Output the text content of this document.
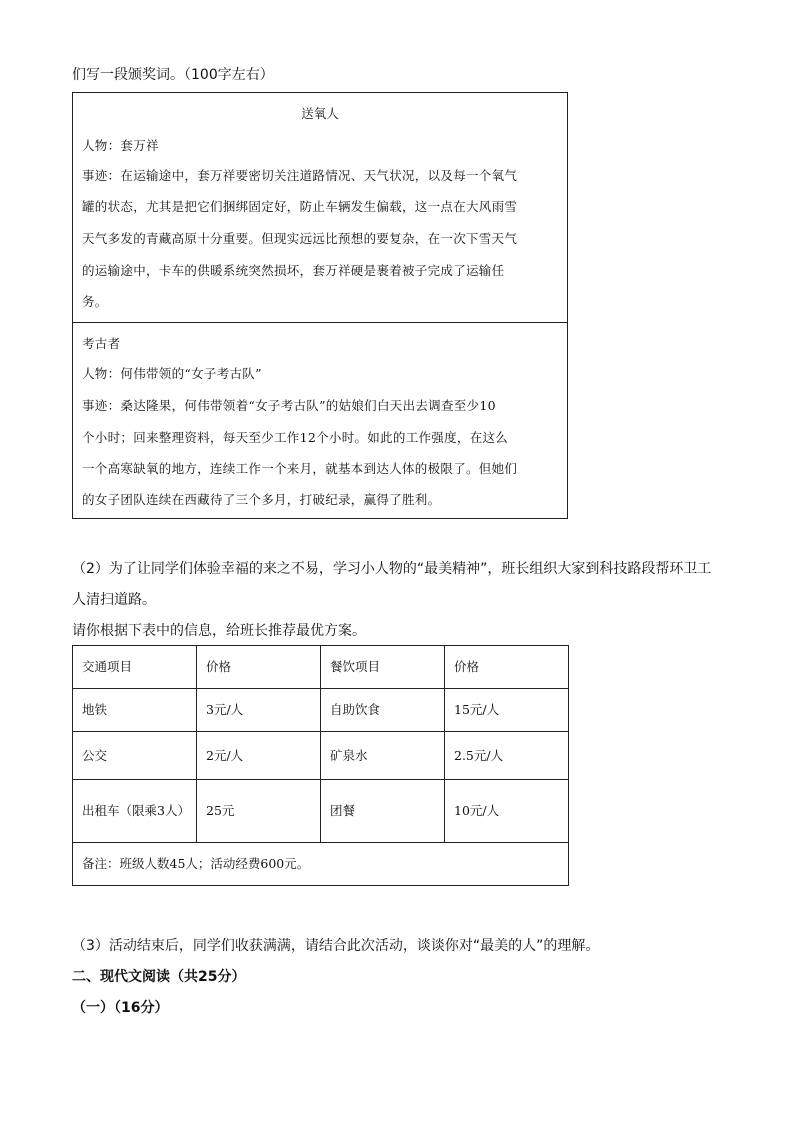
们写一段颁奖词。（100字左右）
送氧人
人物：套万祥
事迹：在运输途中，套万祥要密切关注道路情况、天气状况，以及每一个氧气
罐的状态，尤其是把它们捆绑固定好，防止车辆发生偏载，这一点在大风雨雪
天气多发的青藏高原十分重要。但现实远远比预想的要复杂，在一次下雪天气
的运输途中，卡车的供暖系统突然损坏，套万祥硬是裹着被子完成了运输任
务。
考古者
人物：何伟带领的“女子考古队”
事迹：桑达隆果，何伟带领着“女子考古队”的姑娘们白天出去调查至少10
个小时；回来整理资料，每天至少工作12个小时。如此的工作强度，在这么
一个高寒缺氧的地方，连续工作一个来月，就基本到达人体的极限了。但她们
的女子团队连续在西藏待了三个多月，打破纪录，赢得了胜利。
（2）为了让同学们体验幸福的来之不易，学习小人物的“最美精神”，班长组织大家到科技路段帮环卫工
人清扫道路。
请你根据下表中的信息，给班长推荐最优方案。
交通项目	价格	餐饮项目	价格
地铁	3元/人	自助饮食	15元/人
公交	2元/人	矿泉水	2.5元/人
出租车（限乘3人）	25元	团餐	10元/人
备注：班级人数45人；活动经费600元。			
（3）活动结束后，同学们收获满满，请结合此次活动，谈谈你对“最美的人”的理解。
二、现代文阅读（共25分）
（一）（16分）
